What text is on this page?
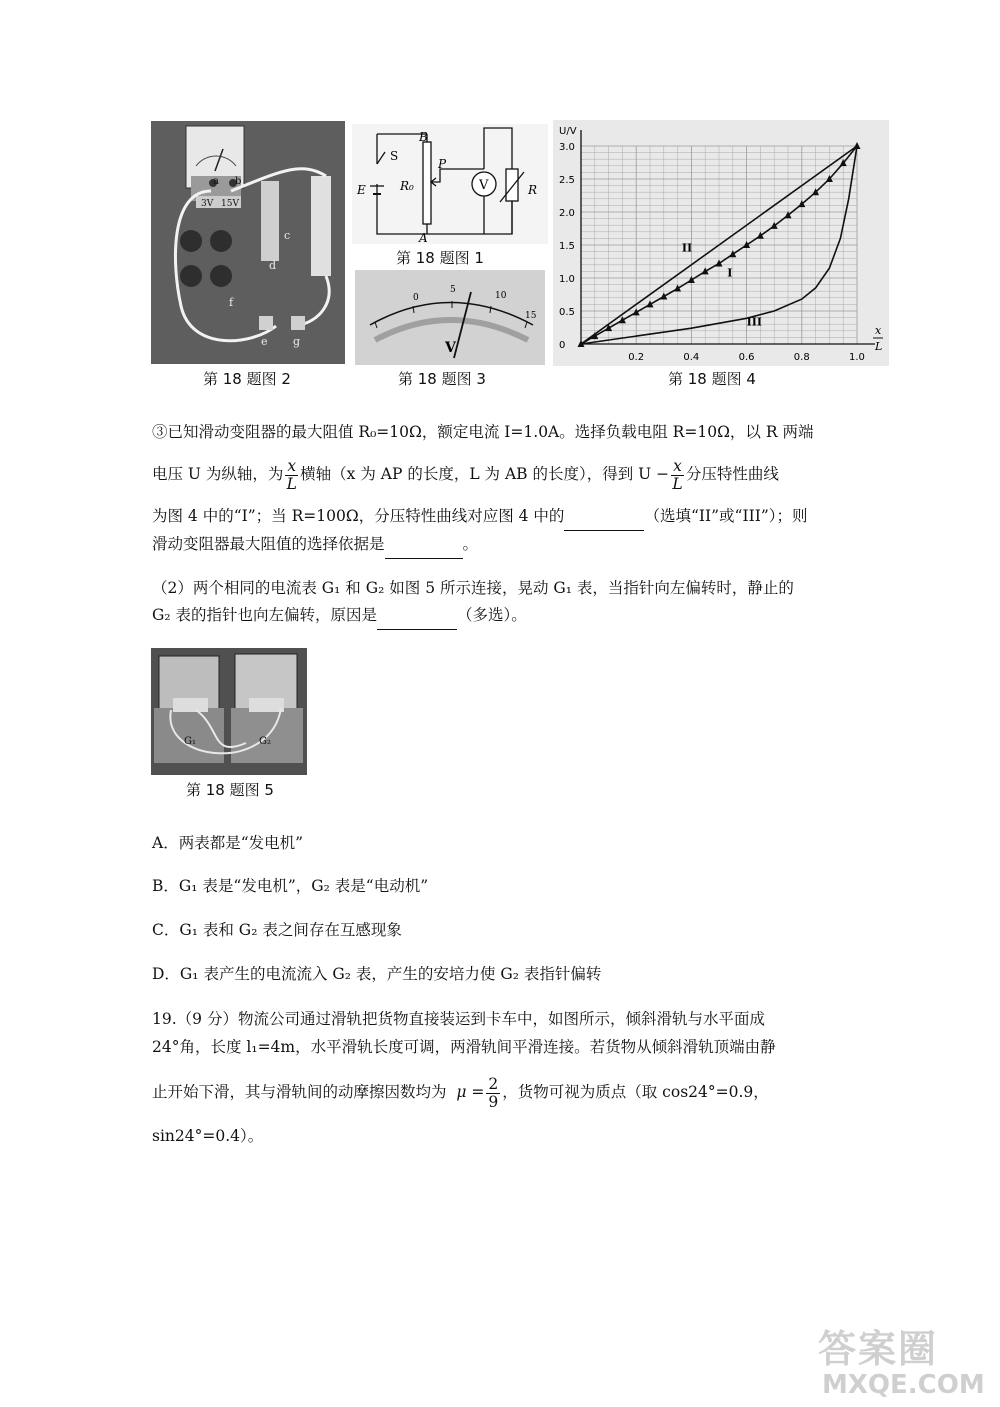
a b
3V 15V
c
d
e
f
g
第 18 题图 2
B
A
S
E	R₀
P
V	R
第 18 题图 1
0
5
10
15
V
第 18 题图 3
0.2	0.4	0.6	0.8	1.0
0
0.5
1.0
1.5
2.0
2.5
3.0
U/V
x
L
II
I
III
第 18 题图 4
③已知滑动变阻器的最大阻值 R₀=10Ω，额定电流 I=1.0A。选择负载电阻 R=10Ω，以 R 两端
电压 U 为纵轴，为 $\frac{x}{L}$ 横轴（x 为 AP 的长度，L 为 AB 的长度），得到 $U - \frac{x}{L}$ 分压特性曲线
为图 4 中的“I”；当 R=100Ω，分压特性曲线对应图 4 中的	（选填“II”或“III”）；则
滑动变阻器最大阻值的选择依据是	。
（2）两个相同的电流表 G₁ 和 G₂ 如图 5 所示连接，晃动 G₁ 表，当指针向左偏转时，静止的
G₂ 表的指针也向左偏转，原因是	（多选）。
G₁	G₂
第 18 题图 5
A．两表都是“发电机”
B．G₁ 表是“发电机”，G₂ 表是“电动机”
C．G₁ 表和 G₂ 表之间存在互感现象
D．G₁ 表产生的电流流入 G₂ 表，产生的安培力使 G₂ 表指针偏转
19.（9 分）物流公司通过滑轨把货物直接装运到卡车中，如图所示，倾斜滑轨与水平面成
24°角，长度 l₁=4m，水平滑轨长度可调，两滑轨间平滑连接。若货物从倾斜滑轨顶端由静
止开始下滑，其与滑轨间的动摩擦因数均为 $\mu = \frac{2}{9}$ ，货物可视为质点（取 cos24°=0.9，
sin24°=0.4）。
答案圈
MXQE.COM
